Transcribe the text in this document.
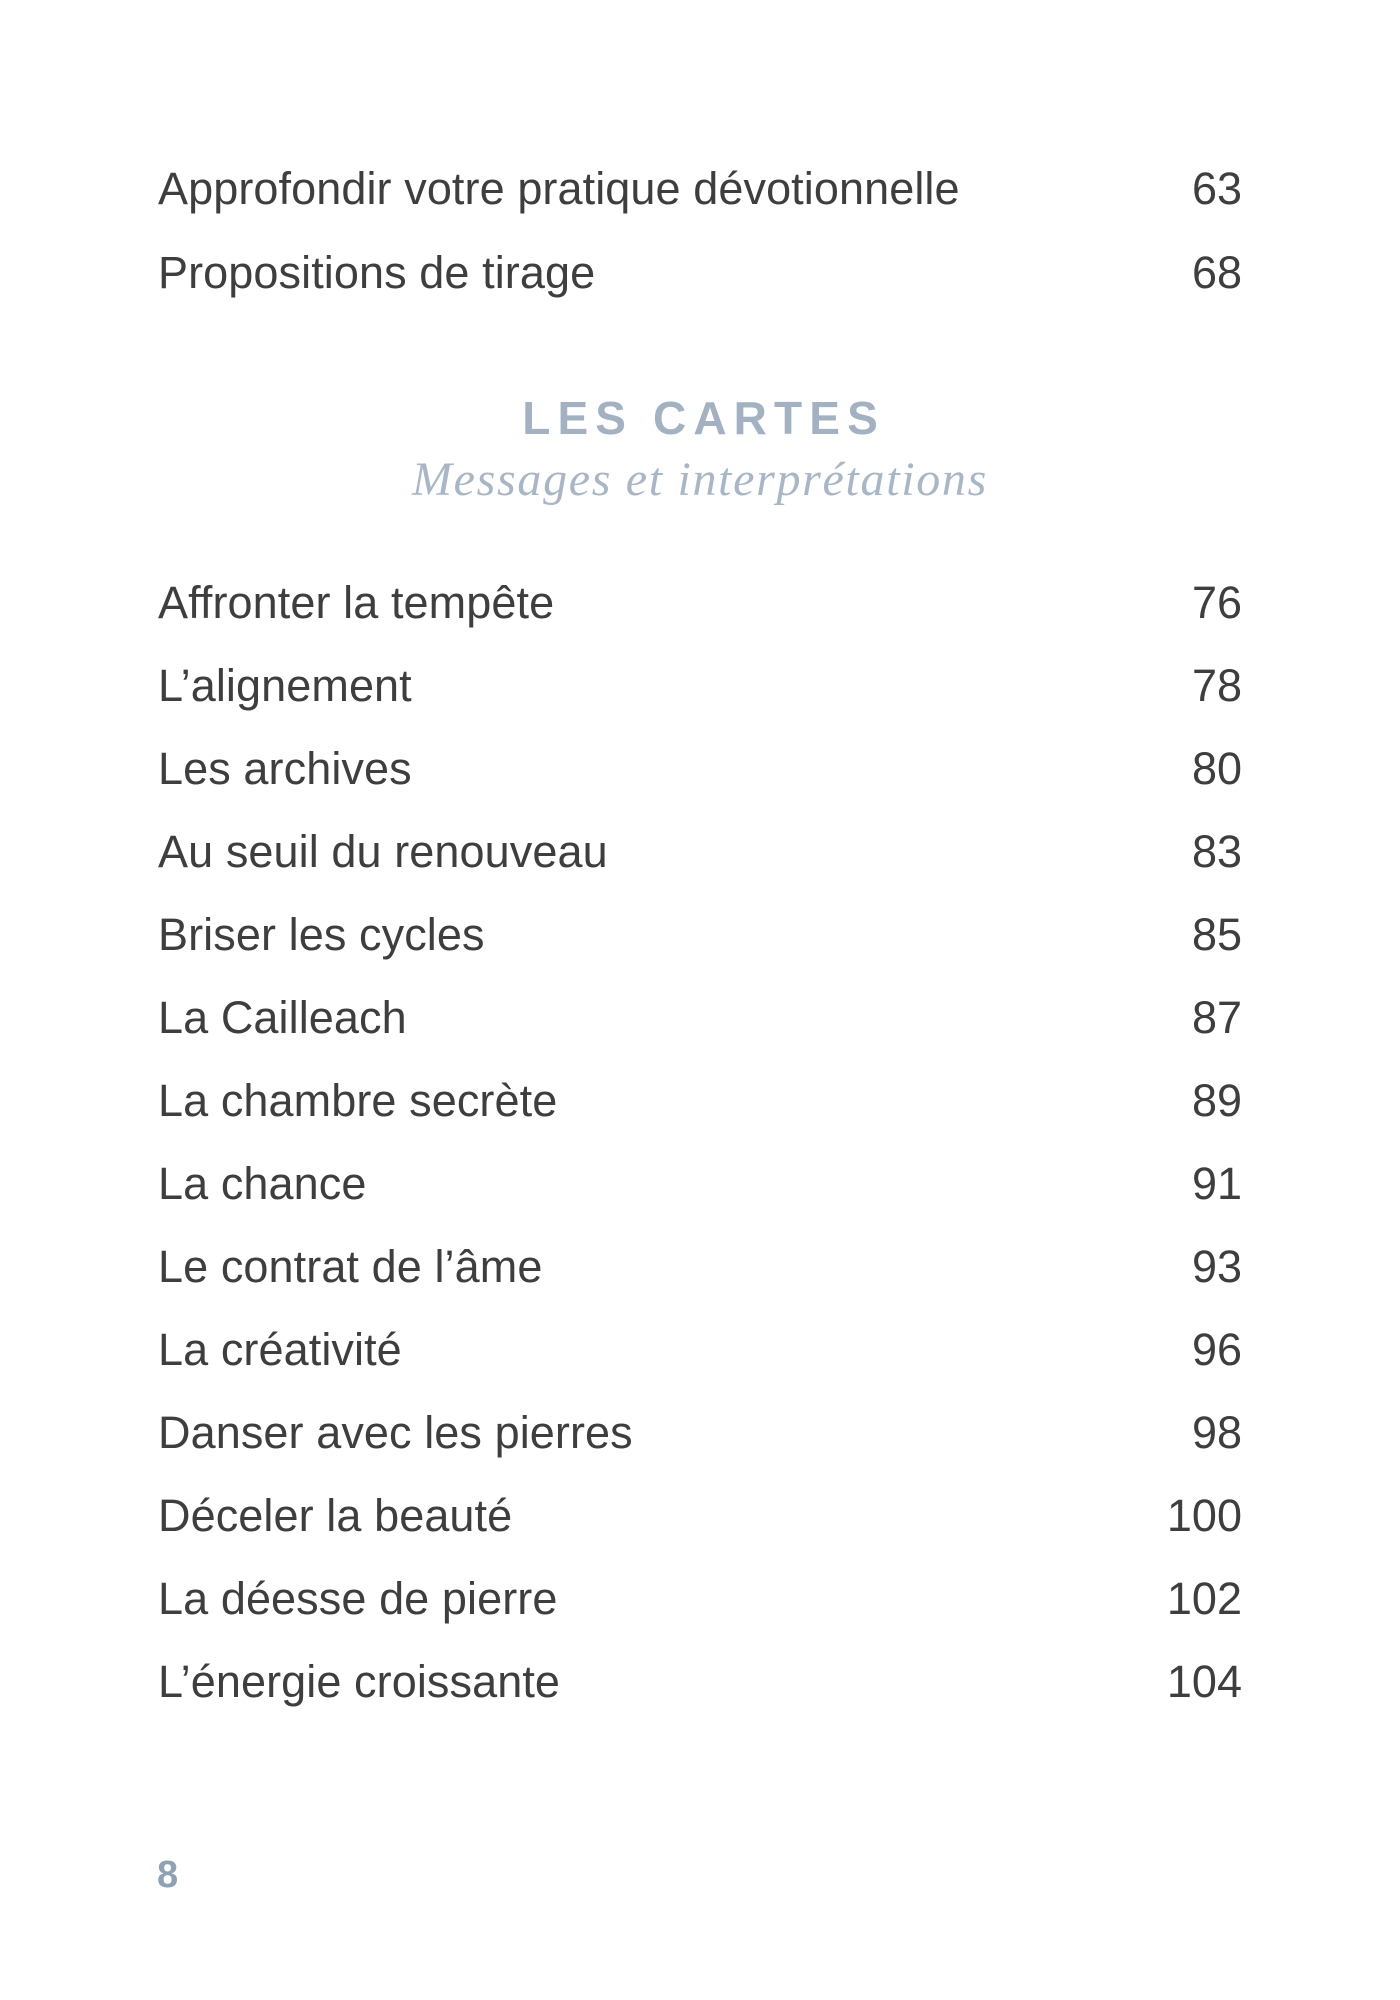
Approfondir votre pratique dévotionnelle	63
Propositions de tirage	68
LES CARTES
Messages et interprétations
Affronter la tempête	76
L’alignement	78
Les archives	80
Au seuil du renouveau	83
Briser les cycles	85
La Cailleach	87
La chambre secrète	89
La chance	91
Le contrat de l’âme	93
La créativité	96
Danser avec les pierres	98
Déceler la beauté	100
La déesse de pierre	102
L’énergie croissante	104
8
